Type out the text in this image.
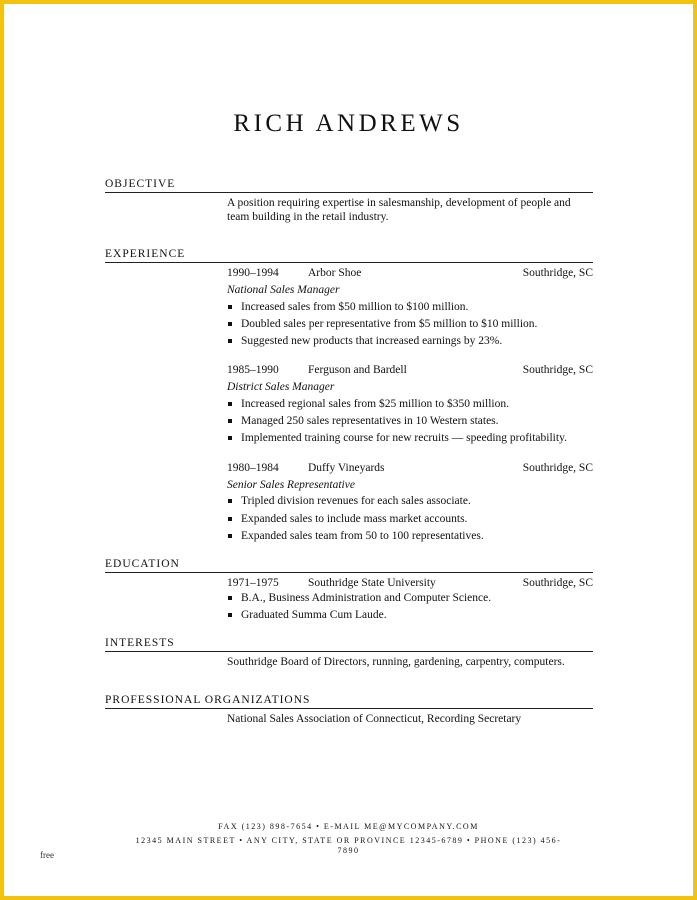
RICH ANDREWS
OBJECTIVE
A position requiring expertise in salesmanship, development of people and
team building in the retail industry.
EXPERIENCE
1990–1994	Arbor Shoe	Southridge, SC
National Sales Manager
Increased sales from $50 million to $100 million.
Doubled sales per representative from $5 million to $10 million.
Suggested new products that increased earnings by 23%.
1985–1990	Ferguson and Bardell	Southridge, SC
District Sales Manager
Increased regional sales from $25 million to $350 million.
Managed 250 sales representatives in 10 Western states.
Implemented training course for new recruits — speeding profitability.
1980–1984	Duffy Vineyards	Southridge, SC
Senior Sales Representative
Tripled division revenues for each sales associate.
Expanded sales to include mass market accounts.
Expanded sales team from 50 to 100 representatives.
EDUCATION
1971–1975	Southridge State University	Southridge, SC
B.A., Business Administration and Computer Science.
Graduated Summa Cum Laude.
INTERESTS
Southridge Board of Directors, running, gardening, carpentry, computers.
PROFESSIONAL ORGANIZATIONS
National Sales Association of Connecticut, Recording Secretary
FAX (123) 898-7654 • E-MAIL ME@MYCOMPANY.COM
12345 MAIN STREET • ANY CITY, STATE OR PROVINCE 12345-6789 • PHONE (123) 456-
7890
free
